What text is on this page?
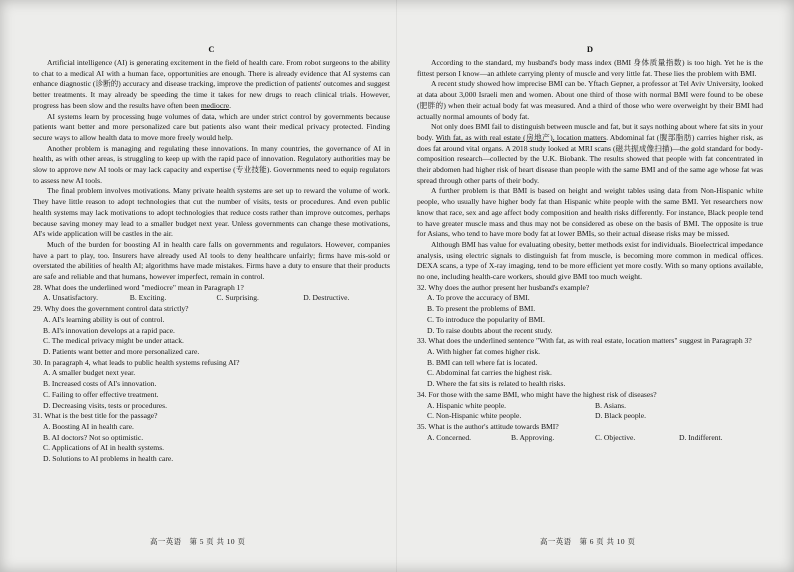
C

Artificial intelligence (AI) is generating excitement in the field of health care. From robot surgeons to the ability to chat to a medical AI with a human face, opportunities are enough. There is already evidence that AI systems can enhance diagnostic (诊断的) accuracy and disease tracking, improve the prediction of patients' outcomes and suggest better treatments. It may already be speeding the time it takes for new drugs to reach clinical trials. However, progress has been slow and the results have often been mediocre.

AI systems learn by processing huge volumes of data, which are under strict control by governments because patients want better and more personalized care but patients also want their medical privacy protected. Finding secure ways to allow health data to move more freely would help.

Another problem is managing and regulating these innovations. In many countries, the governance of AI in health, as with other areas, is struggling to keep up with the rapid pace of innovation. Regulatory authorities may be slow to approve new AI tools or may lack capacity and expertise (专业技能). Governments need to equip regulators to assess new AI tools.

The final problem involves motivations. Many private health systems are set up to reward the volume of work. They have little reason to adopt technologies that cut the number of visits, tests or procedures. And even public health systems may lack motivations to adopt technologies that reduce costs rather than improve outcomes, perhaps because saving money may lead to a smaller budget next year. Unless governments can change these motivations, AI's wide application will be castles in the air.

Much of the burden for boosting AI in health care falls on governments and regulators. However, companies have a part to play, too. Insurers have already used AI tools to deny healthcare unfairly; firms have mis-sold or overstated the abilities of health AI; algorithms have made mistakes. Firms have a duty to ensure that their products are safe and reliable and that humans, however imperfect, remain in control.

28. What does the underlined word "mediocre" mean in Paragraph 1?
A. Unsatisfactory.	B. Exciting.	C. Surprising.	D. Destructive.
29. Why does the government control data strictly?
A. AI's learning ability is out of control.
B. AI's innovation develops at a rapid pace.
C. The medical privacy might be under attack.
D. Patients want better and more personalized care.
30. In paragraph 4, what leads to public health systems refusing AI?
A. A smaller budget next year.
B. Increased costs of AI's innovation.
C. Failing to offer effective treatment.
D. Decreasing visits, tests or procedures.
31. What is the best title for the passage?
A. Boosting AI in health care.
B. AI doctors? Not so optimistic.
C. Applications of AI in health systems.
D. Solutions to AI problems in health care.
D

According to the standard, my husband's body mass index (BMI 身体质量指数) is too high. Yet he is the fittest person I know—an athlete carrying plenty of muscle and very little fat. These lies the problem with BMI.

A recent study showed how imprecise BMI can be. Yftach Gepner, a professor at Tel Aviv University, looked at data about 3,000 Israeli men and women. About one third of those with normal BMI were found to be obese (肥胖的) when their actual body fat was measured. And a third of those who were overweight by their BMI had actually normal amounts of body fat.

Not only does BMI fail to distinguish between muscle and fat, but it says nothing about where fat sits in your body. With fat, as with real estate (房地产), location matters. Abdominal fat (腹部脂肪) carries higher risk, as does fat around vital organs. A 2018 study looked at MRI scans (磁共振成像扫描)—the gold standard for body-composition research—collected by the U.K. Biobank. The results showed that people with fat concentrated in their abdomen had higher risk of heart disease than people with the same BMI and of the same age whose fat was spread through other parts of their body.

A further problem is that BMI is based on height and weight tables using data from Non-Hispanic white people, who usually have higher body fat than Hispanic white people with the same BMI. Yet researchers now know that race, sex and age affect body composition and health risks differently. For instance, Black people tend to have greater muscle mass and thus may not be considered as obese on the basis of BMI. The opposite is true for Asians, who tend to have more body fat at lower BMIs, so their actual disease risks may be missed.

Although BMI has value for evaluating obesity, better methods exist for individuals. Bioelectrical impedance analysis, using electric signals to distinguish fat from muscle, is becoming more common in medical offices. DEXA scans, a type of X-ray imaging, tend to be more efficient yet more costly. With so many options available, no one, including health-care workers, should give BMI too much weight.

32. Why does the author present her husband's example?
A. To prove the accuracy of BMI.
B. To present the problems of BMI.
C. To introduce the popularity of BMI.
D. To raise doubts about the recent study.
33. What does the underlined sentence "With fat, as with real estate, location matters" suggest in Paragraph 3?
A. With higher fat comes higher risk.
B. BMI can tell where fat is located.
C. Abdominal fat carries the highest risk.
D. Where the fat sits is related to health risks.
34. For those with the same BMI, who might have the highest risk of diseases?
A. Hispanic white people.	B. Asians.
C. Non-Hispanic white people.	D. Black people.
35. What is the author's attitude towards BMI?
A. Concerned.	B. Approving.	C. Objective.	D. Indifferent.
高一英语　第 5 页 共 10 页	高一英语　第 6 页 共 10 页
